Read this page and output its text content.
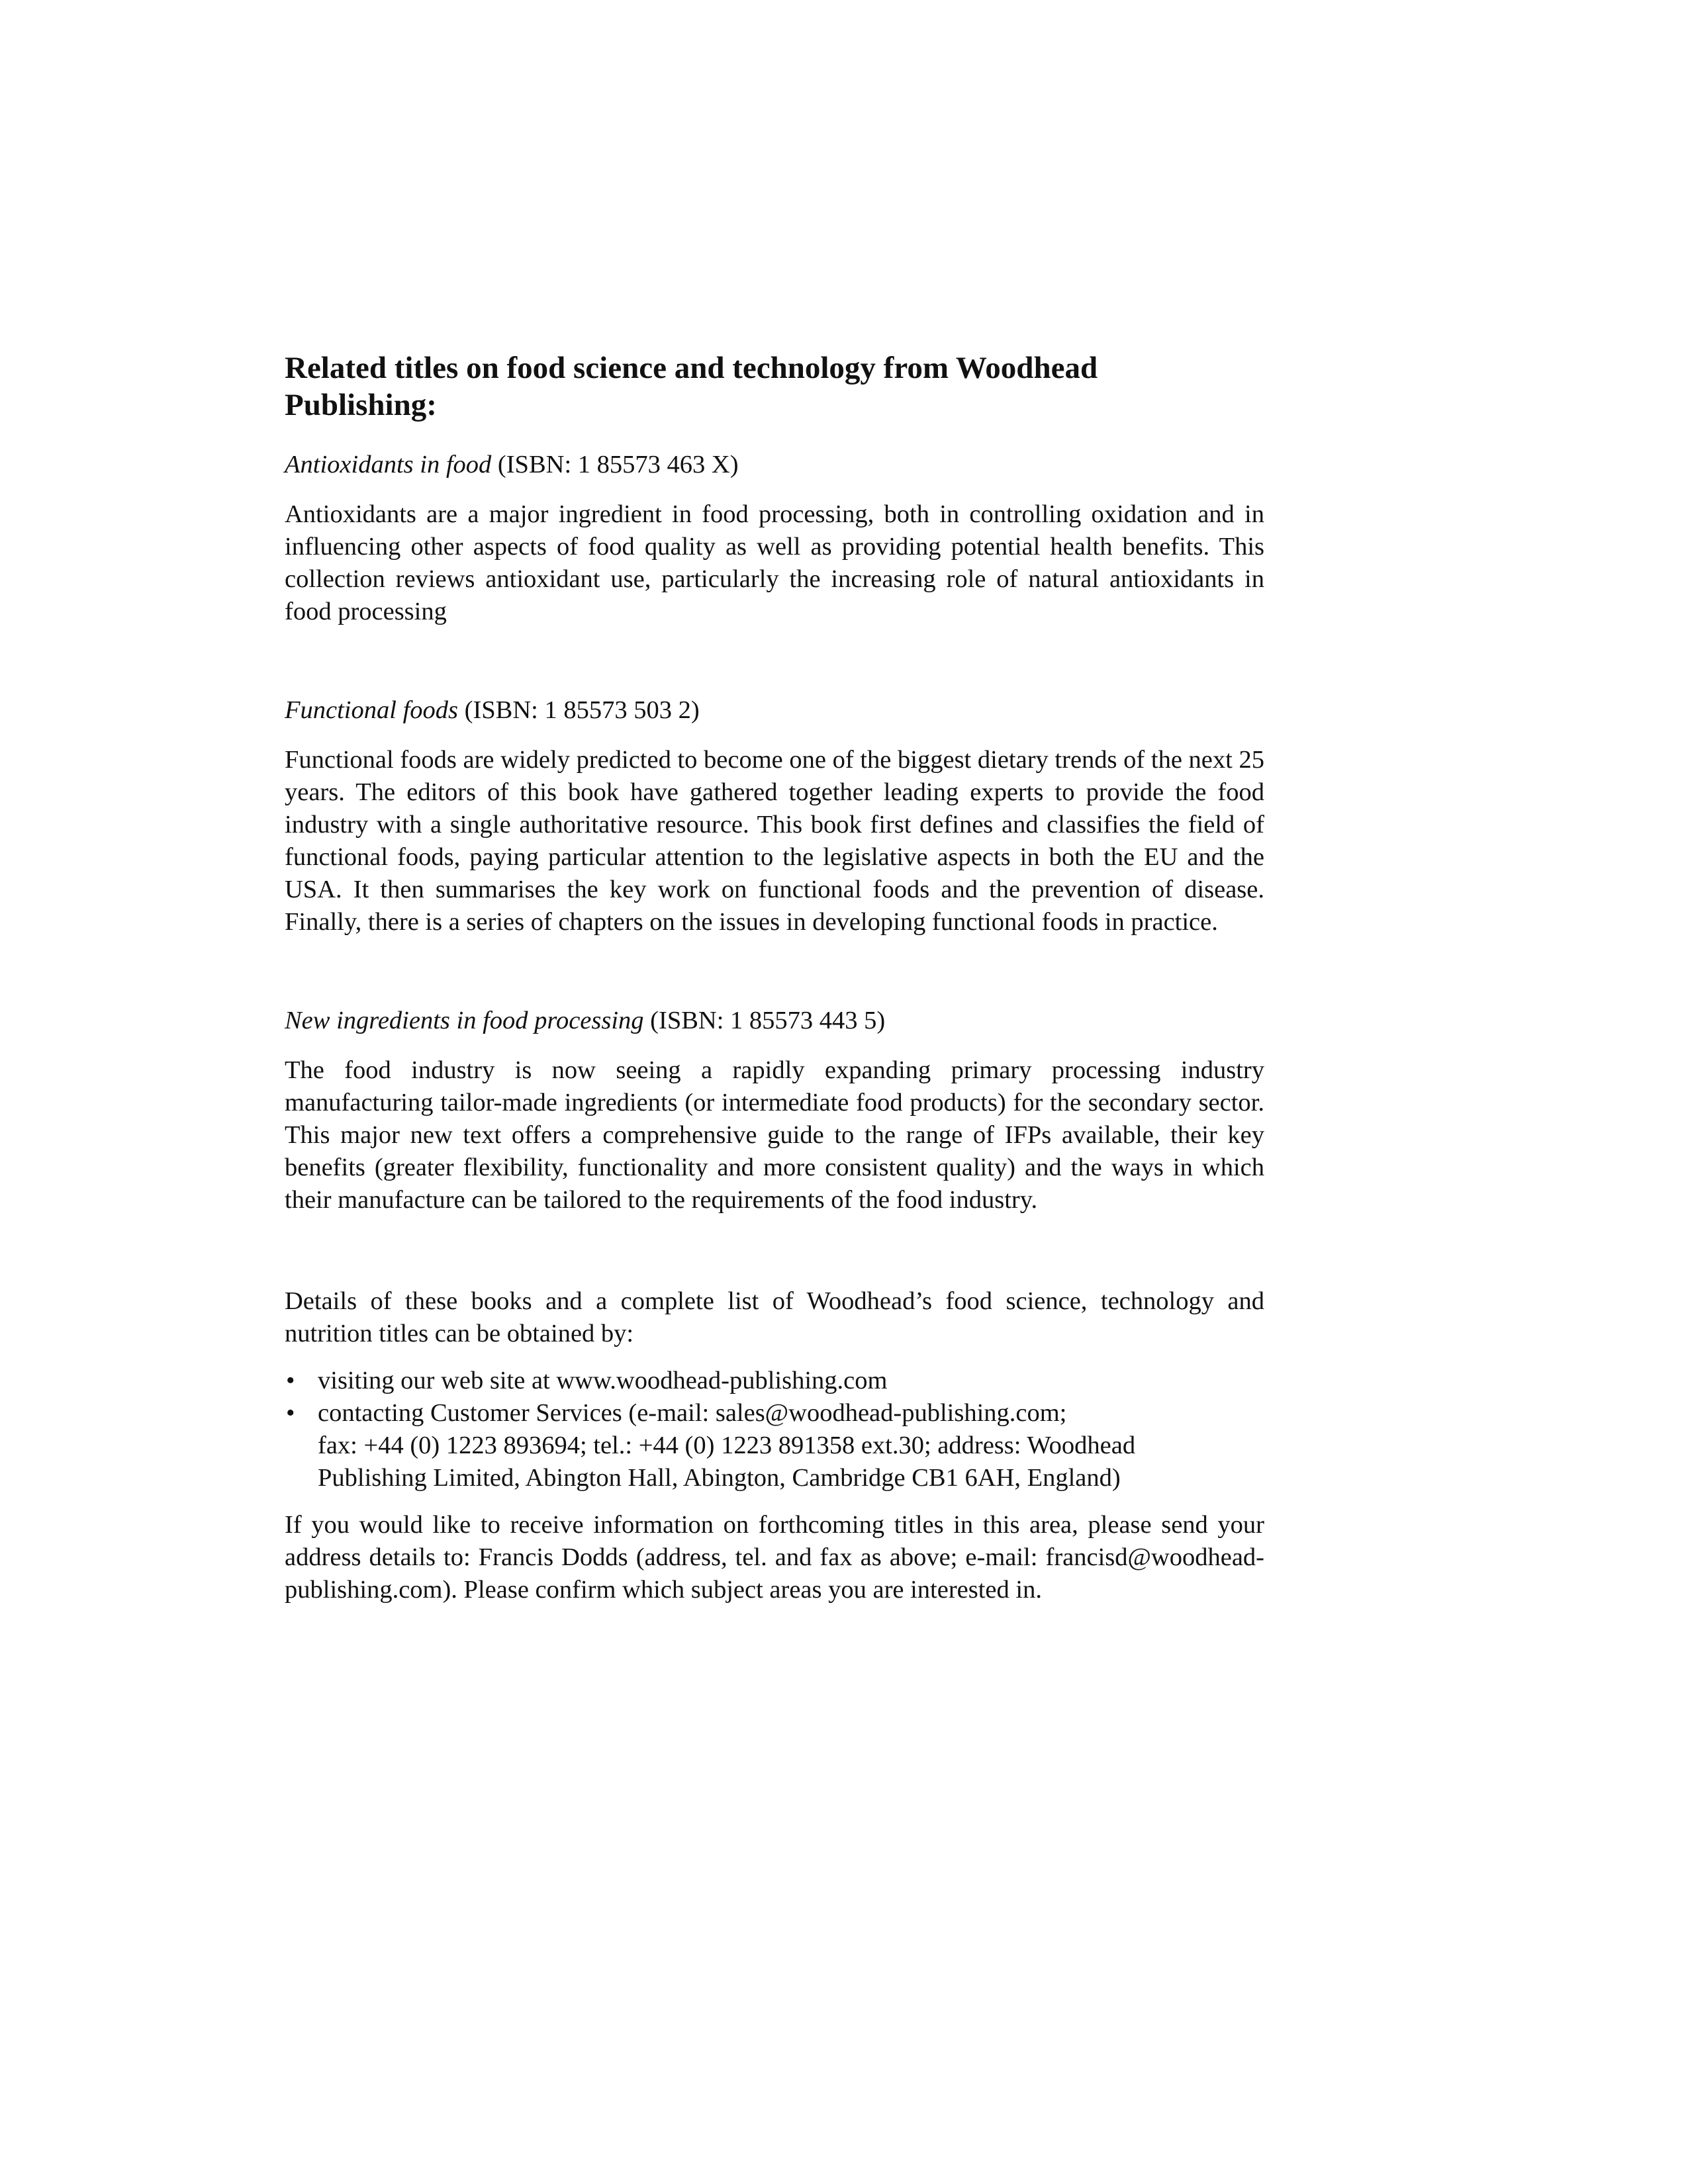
Related titles on food science and technology from Woodhead Publishing:

Antioxidants in food (ISBN: 1 85573 463 X)

Antioxidants are a major ingredient in food processing, both in controlling oxidation and in influencing other aspects of food quality as well as providing potential health benefits. This collection reviews antioxidant use, particularly the increasing role of natural antioxidants in food processing

Functional foods (ISBN: 1 85573 503 2)

Functional foods are widely predicted to become one of the biggest dietary trends of the next 25 years. The editors of this book have gathered together leading experts to provide the food industry with a single authoritative resource. This book first defines and classifies the field of functional foods, paying particular attention to the legislative aspects in both the EU and the USA. It then summarises the key work on functional foods and the prevention of disease. Finally, there is a series of chapters on the issues in developing functional foods in practice.

New ingredients in food processing (ISBN: 1 85573 443 5)

The food industry is now seeing a rapidly expanding primary processing industry manufacturing tailor-made ingredients (or intermediate food products) for the secondary sector. This major new text offers a comprehensive guide to the range of IFPs available, their key benefits (greater flexibility, functionality and more consistent quality) and the ways in which their manufacture can be tailored to the requirements of the food industry.

Details of these books and a complete list of Woodhead’s food science, technology and nutrition titles can be obtained by:

• visiting our web site at www.woodhead-publishing.com
• contacting Customer Services (e-mail: sales@woodhead-publishing.com;
fax: +44 (0) 1223 893694; tel.: +44 (0) 1223 891358 ext.30; address: Woodhead
Publishing Limited, Abington Hall, Abington, Cambridge CB1 6AH, England)

If you would like to receive information on forthcoming titles in this area, please send your address details to: Francis Dodds (address, tel. and fax as above; e-mail: francisd@woodhead-publishing.com). Please confirm which subject areas you are interested in.
